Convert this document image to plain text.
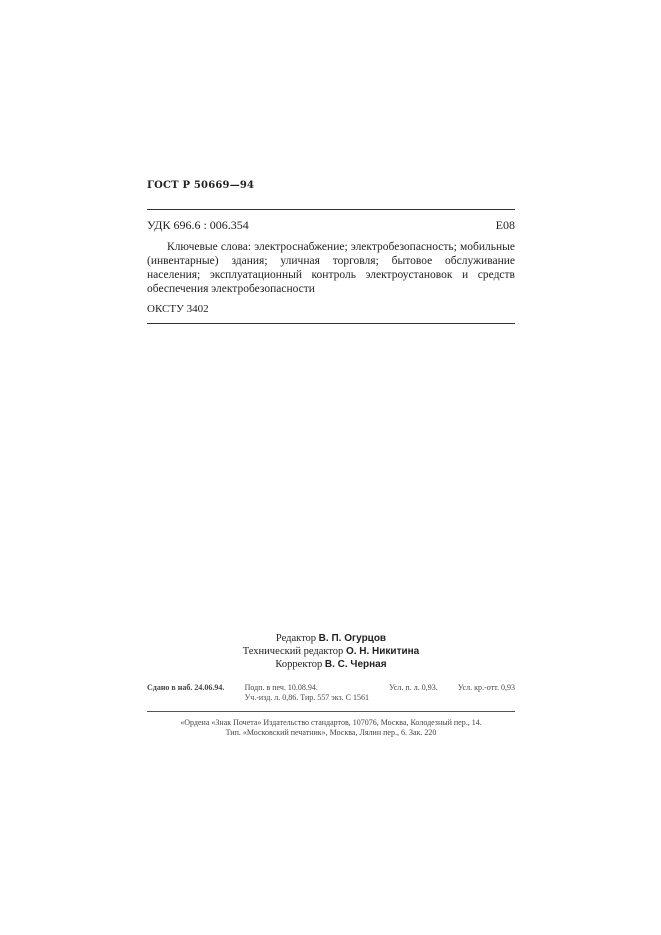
ГОСТ Р 50669—94
УДК 696.6 : 006.354	Е08
Ключевые слова: электроснабжение; электробезопасность; мобильные (инвентарные) здания; уличная торговля; бытовое обслуживание населения; эксплуатационный контроль электроустановок и средств обеспечения электробезопасности
ОКСТУ 3402
Редактор В. П. Огурцов
Технический редактор О. Н. Никитина
Корректор В. С. Черная
Сдано в наб. 24.06.94.	Подп. в печ. 10.08.94.
Уч.-изд. л. 0,86. Тир. 557 экз. С 1561
Усл. п. л. 0,93.	Усл. кр.-отт. 0,93
«Ордена «Знак Почета» Издательство стандартов, 107076, Москва, Колодезный пер., 14.
Тип. «Московский печатник», Москва, Лялин пер., 6. Зак. 220
